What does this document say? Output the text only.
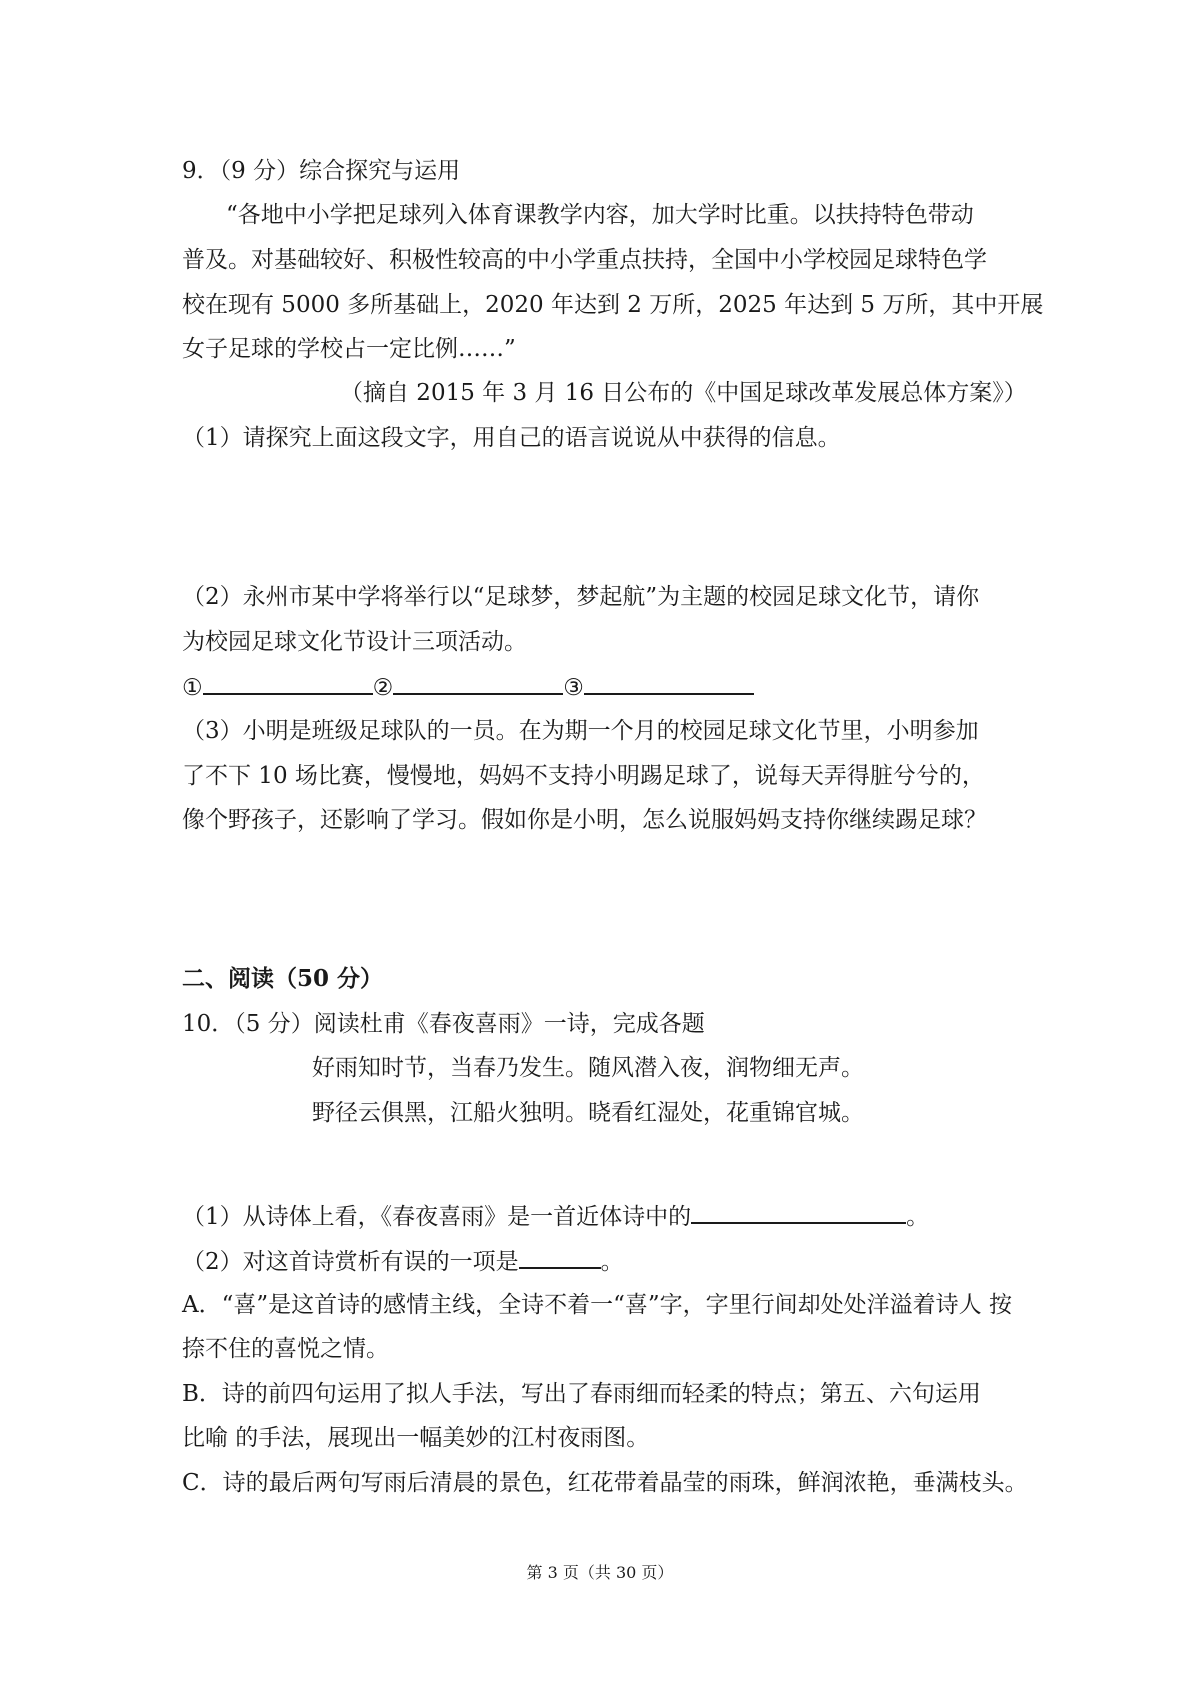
9．（9 分）综合探究与运用
“各地中小学把足球列入体育课教学内容，加大学时比重。以扶持特色带动
普及。对基础较好、积极性较高的中小学重点扶持，全国中小学校园足球特色学
校在现有 5000 多所基础上，2020 年达到 2 万所，2025 年达到 5 万所，其中开展
女子足球的学校占一定比例……”
（摘自 2015 年 3 月 16 日公布的《中国足球改革发展总体方案》）
（1）请探究上面这段文字，用自己的语言说说从中获得的信息。
（2）永州市某中学将举行以“足球梦，梦起航”为主题的校园足球文化节，请你
为校园足球文化节设计三项活动。
①	②	③
（3）小明是班级足球队的一员。在为期一个月的校园足球文化节里，小明参加
了不下 10 场比赛，慢慢地，妈妈不支持小明踢足球了，说每天弄得脏兮兮的，
像个野孩子，还影响了学习。假如你是小明，怎么说服妈妈支持你继续踢足球？
二、阅读（50 分）
10．（5 分）阅读杜甫《春夜喜雨》一诗，完成各题
好雨知时节，当春乃发生。随风潜入夜，润物细无声。
野径云俱黑，江船火独明。晓看红湿处，花重锦官城。
（1）从诗体上看，《春夜喜雨》是一首近体诗中的	。
（2）对这首诗赏析有误的一项是	。
A．“喜”是这首诗的感情主线，全诗不着一“喜”字，字里行间却处处洋溢着诗人 按
捺不住的喜悦之情。
B．诗的前四句运用了拟人手法，写出了春雨细而轻柔的特点；第五、六句运用
比喻 的手法，展现出一幅美妙的江村夜雨图。
C．诗的最后两句写雨后清晨的景色，红花带着晶莹的雨珠，鲜润浓艳，垂满枝头。
第 3 页（共 30 页）
